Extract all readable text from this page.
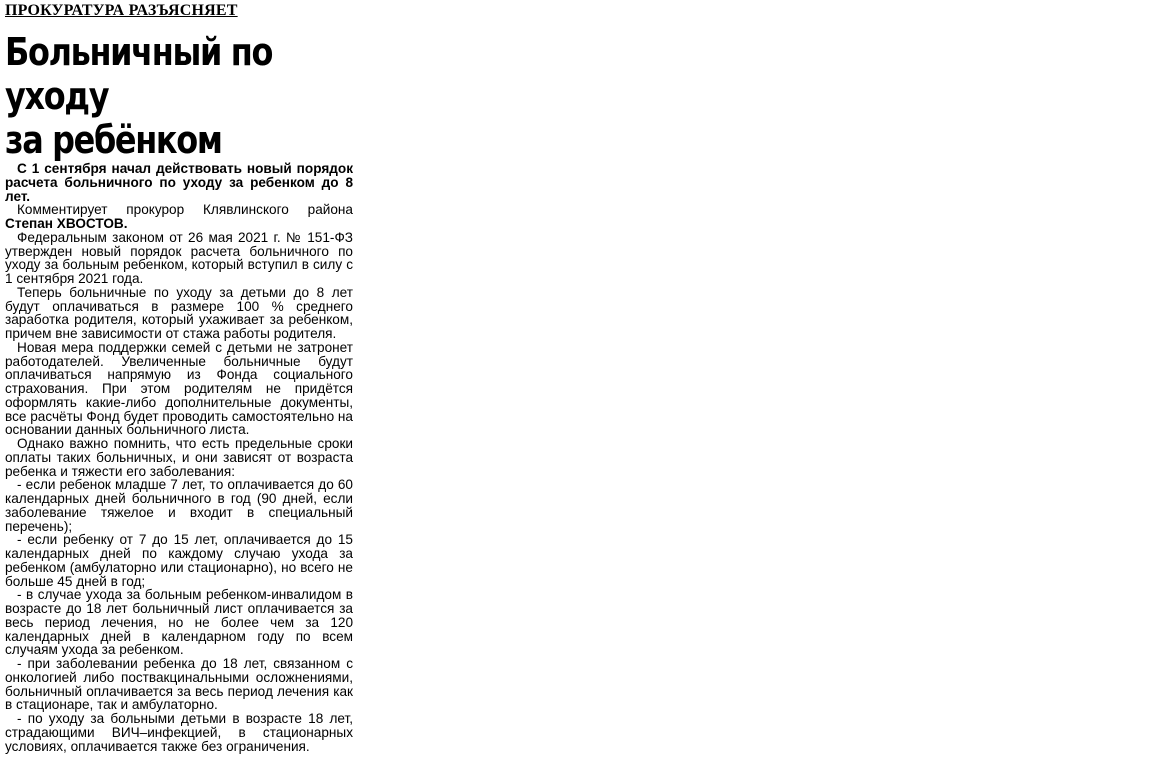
ПРОКУРАТУРА РАЗЪЯСНЯЕТ
Больничный по уходу
за ребёнком

С 1 сентября начал действовать новый порядок расчета больничного по уходу за ребенком до 8 лет.

Комментирует прокурор Клявлинского района Степан ХВОСТОВ.

Федеральным законом от 26 мая 2021 г. № 151-ФЗ утвержден новый порядок расчета больничного по уходу за больным ребенком, который вступил в силу с 1 сентября 2021 года.

Теперь больничные по уходу за детьми до 8 лет будут оплачиваться в размере 100 % среднего заработка родителя, который ухаживает за ребенком, причем вне зависимости от стажа работы родителя.

Новая мера поддержки семей с детьми не затронет работодателей. Увеличенные больничные будут оплачиваться напрямую из Фонда социального страхования. При этом родителям не придётся оформлять какие-либо дополнительные документы, все расчёты Фонд будет проводить самостоятельно на основании данных больничного листа.

Однако важно помнить, что есть предельные сроки оплаты таких больничных, и они зависят от возраста ребенка и тяжести его заболевания:

- если ребенок младше 7 лет, то оплачивается до 60 календарных дней больничного в год (90 дней, если заболевание тяжелое и входит в специальный перечень);

- если ребенку от 7 до 15 лет, оплачивается до 15 календарных дней по каждому случаю ухода за ребенком (амбулаторно или стационарно), но всего не больше 45 дней в год;

- в случае ухода за больным ребенком-инвалидом в возрасте до 18 лет больничный лист оплачивается за весь период лечения, но не более чем за 120 календарных дней в календарном году по всем случаям ухода за ребенком.

- при заболевании ребенка до 18 лет, связанном с онкологией либо поствакцинальными осложнениями, больничный оплачивается за весь период лечения как в стационаре, так и амбулаторно.

- по уходу за больными детьми в возрасте 18 лет, страдающими ВИЧ–инфекцией, в стационарных условиях, оплачивается также без ограничения.
